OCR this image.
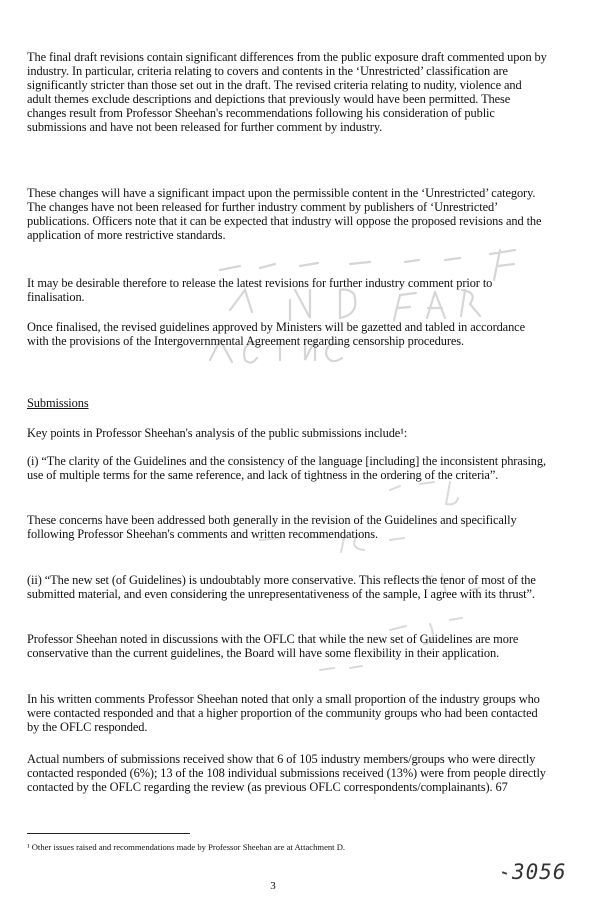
The final draft revisions contain significant differences from the public exposure draft commented upon by industry. In particular, criteria relating to covers and contents in the ‘Unrestricted’ classification are significantly stricter than those set out in the draft. The revised criteria relating to nudity, violence and adult themes exclude descriptions and depictions that previously would have been permitted. These changes result from Professor Sheehan's recommendations following his consideration of public submissions and have not been released for further comment by industry.

These changes will have a significant impact upon the permissible content in the ‘Unrestricted’ category. The changes have not been released for further industry comment by publishers of ‘Unrestricted’ publications. Officers note that it can be expected that industry will oppose the proposed revisions and the application of more restrictive standards.

It may be desirable therefore to release the latest revisions for further industry comment prior to finalisation.

Once finalised, the revised guidelines approved by Ministers will be gazetted and tabled in accordance with the provisions of the Intergovernmental Agreement regarding censorship procedures.

Submissions

Key points in Professor Sheehan's analysis of the public submissions include¹:

(i) “The clarity of the Guidelines and the consistency of the language [including] the inconsistent phrasing, use of multiple terms for the same reference, and lack of tightness in the ordering of the criteria”.

These concerns have been addressed both generally in the revision of the Guidelines and specifically following Professor Sheehan's comments and written recommendations.

(ii) “The new set (of Guidelines) is undoubtably more conservative. This reflects the tenor of most of the submitted material, and even considering the unrepresentativeness of the sample, I agree with its thrust”.

Professor Sheehan noted in discussions with the OFLC that while the new set of Guidelines are more conservative than the current guidelines, the Board will have some flexibility in their application.

In his written comments Professor Sheehan noted that only a small proportion of the industry groups who were contacted responded and that a higher proportion of the community groups who had been contacted by the OFLC responded.

Actual numbers of submissions received show that 6 of 105 industry members/groups who were directly contacted responded (6%); 13 of the 108 individual submissions received (13%) were from people directly contacted by the OFLC regarding the review (as previous OFLC correspondents/complainants). 67

¹ Other issues raised and recommendations made by Professor Sheehan are at Attachment D.
3
3056
